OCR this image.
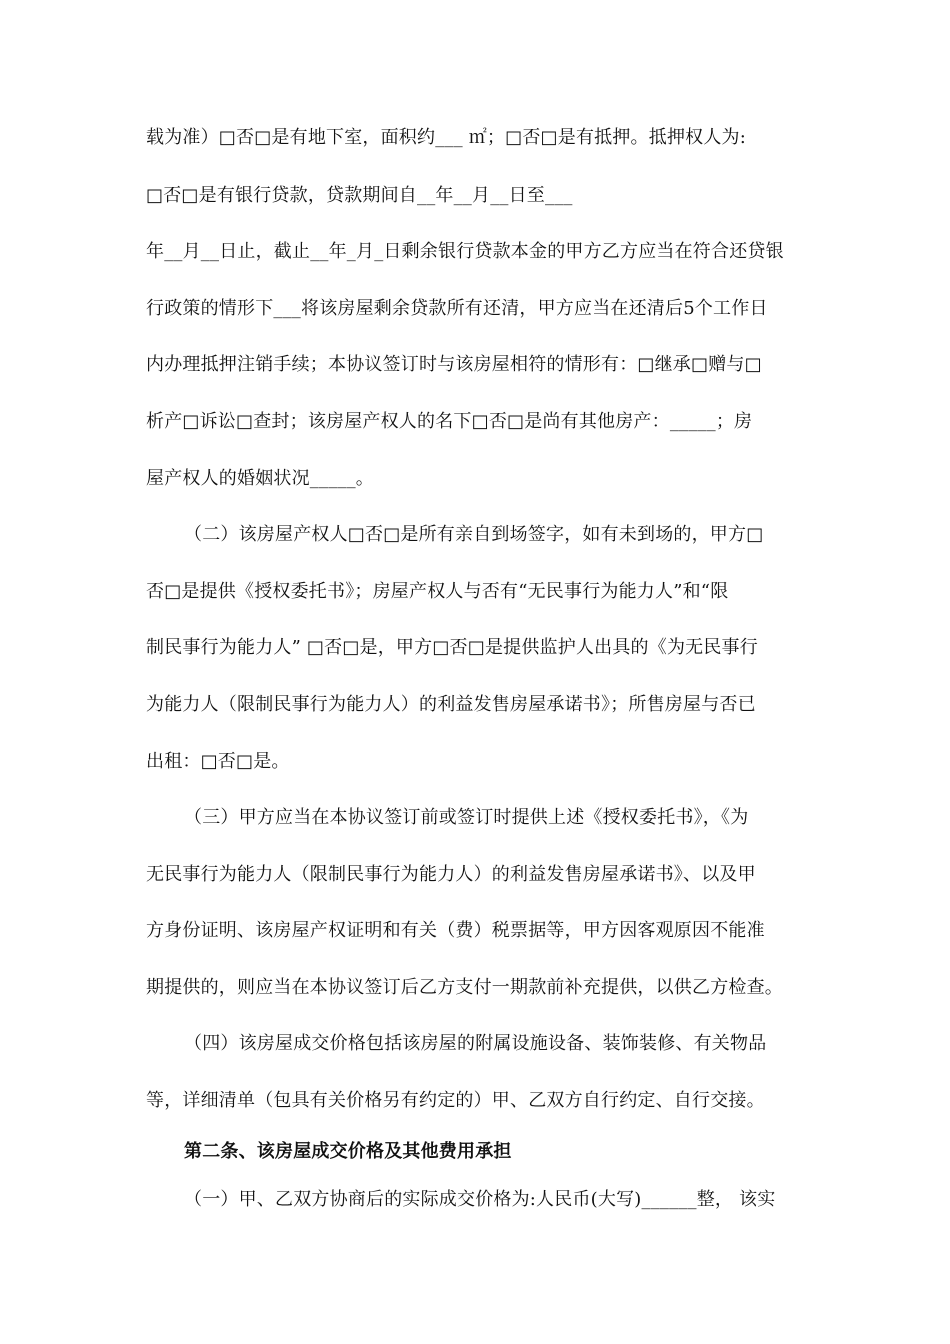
载为准）□否□是有地下室，面积约___ ㎡；□否□是有抵押。抵押权人为:
□否□是有银行贷款，贷款期间自__年__月__日至___
年__月__日止，截止__年_月_日剩余银行贷款本金的甲方乙方应当在符合还贷银
行政策的情形下___将该房屋剩余贷款所有还清，甲方应当在还清后5个工作日
内办理抵押注销手续；本协议签订时与该房屋相符的情形有：□继承□赠与□
析产□诉讼□查封；该房屋产权人的名下□否□是尚有其他房产：_____；房
屋产权人的婚姻状况_____。
（二）该房屋产权人□否□是所有亲自到场签字，如有未到场的，甲方□
否□是提供《授权委托书》；房屋产权人与否有“无民事行为能力人”和“限
制民事行为能力人” □否□是，甲方□否□是提供监护人出具的《为无民事行
为能力人（限制民事行为能力人）的利益发售房屋承诺书》；所售房屋与否已
出租：□否□是。
（三）甲方应当在本协议签订前或签订时提供上述《授权委托书》，《为
无民事行为能力人（限制民事行为能力人）的利益发售房屋承诺书》、以及甲
方身份证明、该房屋产权证明和有关（费）税票据等，甲方因客观原因不能准
期提供的，则应当在本协议签订后乙方支付一期款前补充提供，以供乙方检查。
（四）该房屋成交价格包括该房屋的附属设施设备、装饰装修、有关物品
等，详细清单（包具有关价格另有约定的）甲、乙双方自行约定、自行交接。
第二条、该房屋成交价格及其他费用承担
（一）甲、乙双方协商后的实际成交价格为:人民币(大写)______整， 该实
